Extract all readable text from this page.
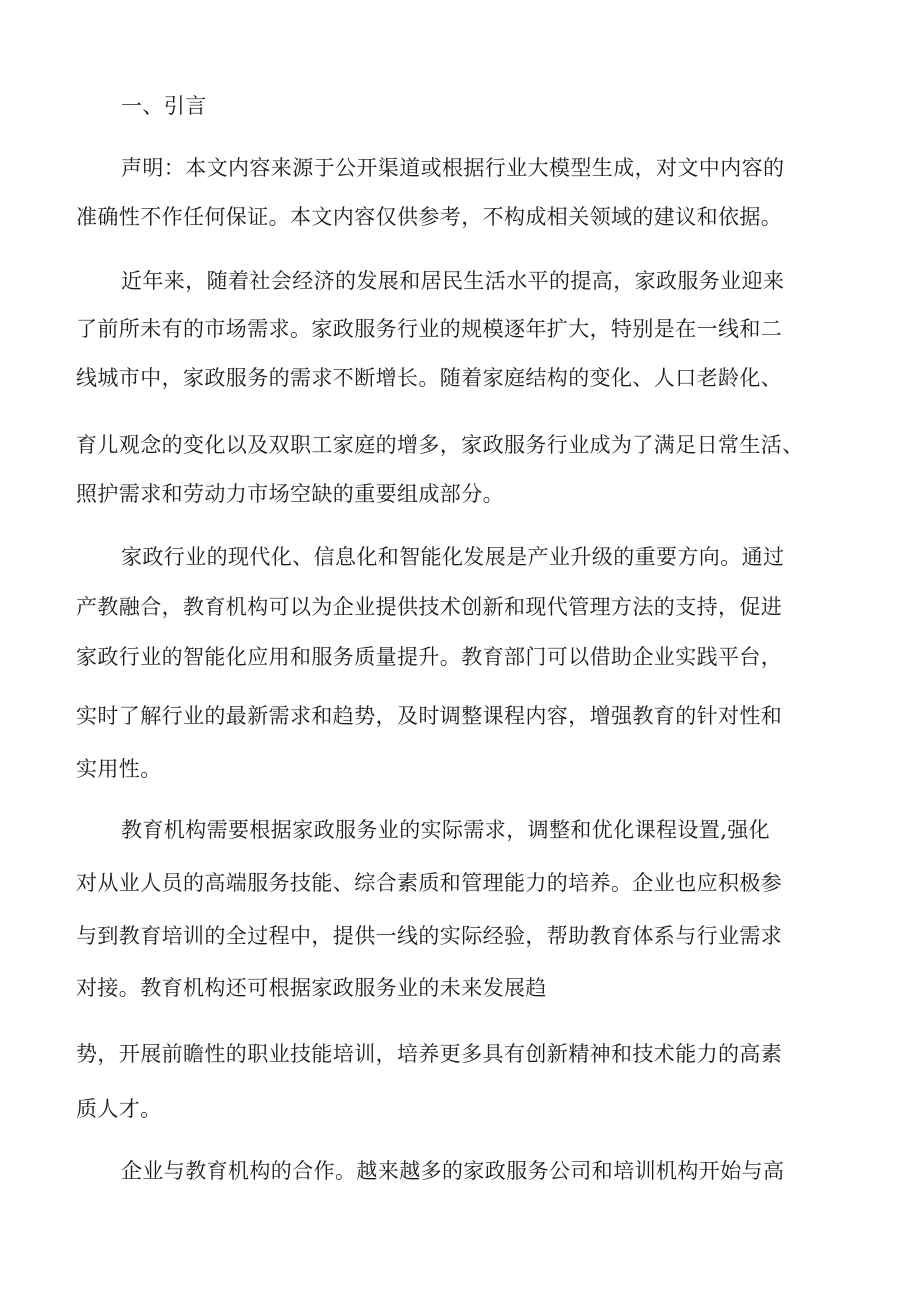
一、引言
声明：本文内容来源于公开渠道或根据行业大模型生成，对文中内容的
准确性不作任何保证。本文内容仅供参考，不构成相关领域的建议和依据。
近年来，随着社会经济的发展和居民生活水平的提高，家政服务业迎来
了前所未有的市场需求。家政服务行业的规模逐年扩大，特别是在一线和二
线城市中，家政服务的需求不断增长。随着家庭结构的变化、人口老龄化、
育儿观念的变化以及双职工家庭的增多，家政服务行业成为了满足日常生活、
照护需求和劳动力市场空缺的重要组成部分。
家政行业的现代化、信息化和智能化发展是产业升级的重要方向。通过
产教融合，教育机构可以为企业提供技术创新和现代管理方法的支持，促进
家政行业的智能化应用和服务质量提升。教育部门可以借助企业实践平台，
实时了解行业的最新需求和趋势，及时调整课程内容，增强教育的针对性和
实用性。
教育机构需要根据家政服务业的实际需求，调整和优化课程设置,强化
对从业人员的高端服务技能、综合素质和管理能力的培养。企业也应积极参
与到教育培训的全过程中，提供一线的实际经验，帮助教育体系与行业需求
对接。教育机构还可根据家政服务业的未来发展趋
势，开展前瞻性的职业技能培训，培养更多具有创新精神和技术能力的高素
质人才。
企业与教育机构的合作。越来越多的家政服务公司和培训机构开始与高
